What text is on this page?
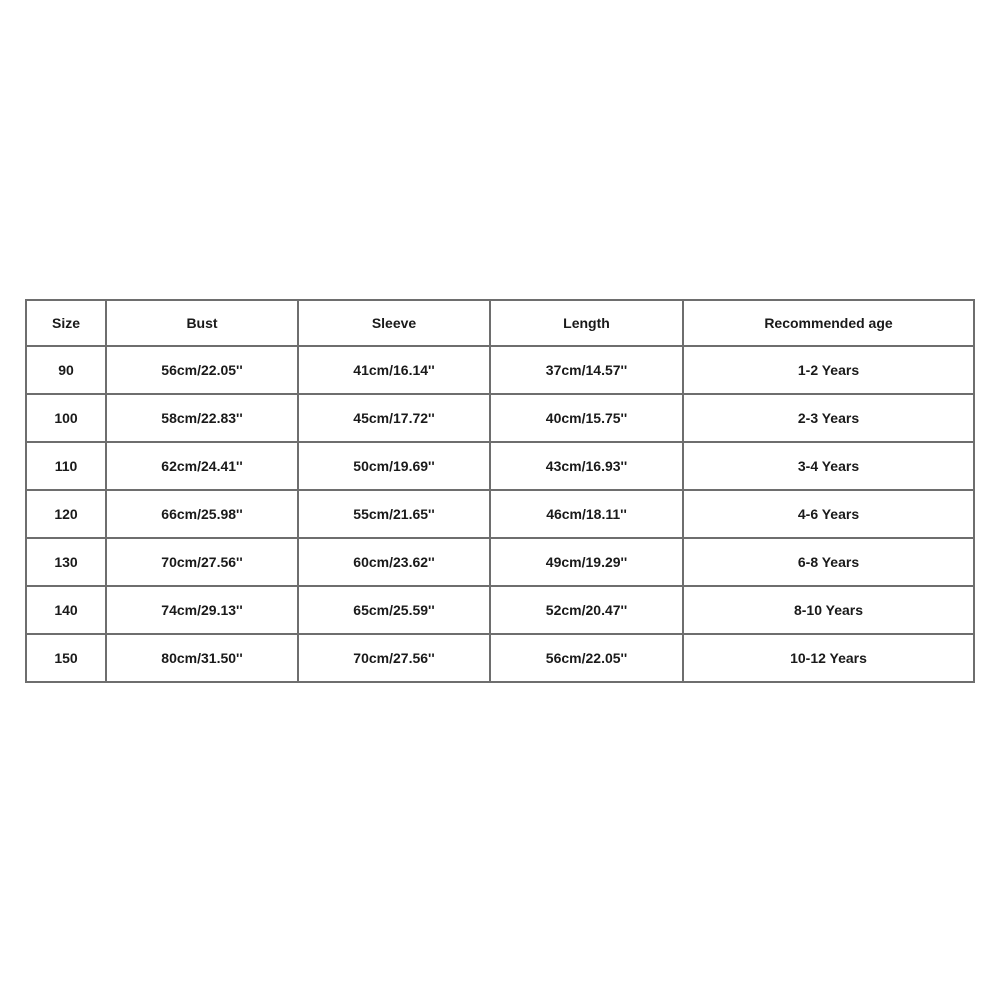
Size	Bust	Sleeve	Length	Recommended age
90	56cm/22.05''	41cm/16.14''	37cm/14.57''	1-2 Years
100	58cm/22.83''	45cm/17.72''	40cm/15.75''	2-3 Years
110	62cm/24.41''	50cm/19.69''	43cm/16.93''	3-4 Years
120	66cm/25.98''	55cm/21.65''	46cm/18.11''	4-6 Years
130	70cm/27.56''	60cm/23.62''	49cm/19.29''	6-8 Years
140	74cm/29.13''	65cm/25.59''	52cm/20.47''	8-10 Years
150	80cm/31.50''	70cm/27.56''	56cm/22.05''	10-12 Years
